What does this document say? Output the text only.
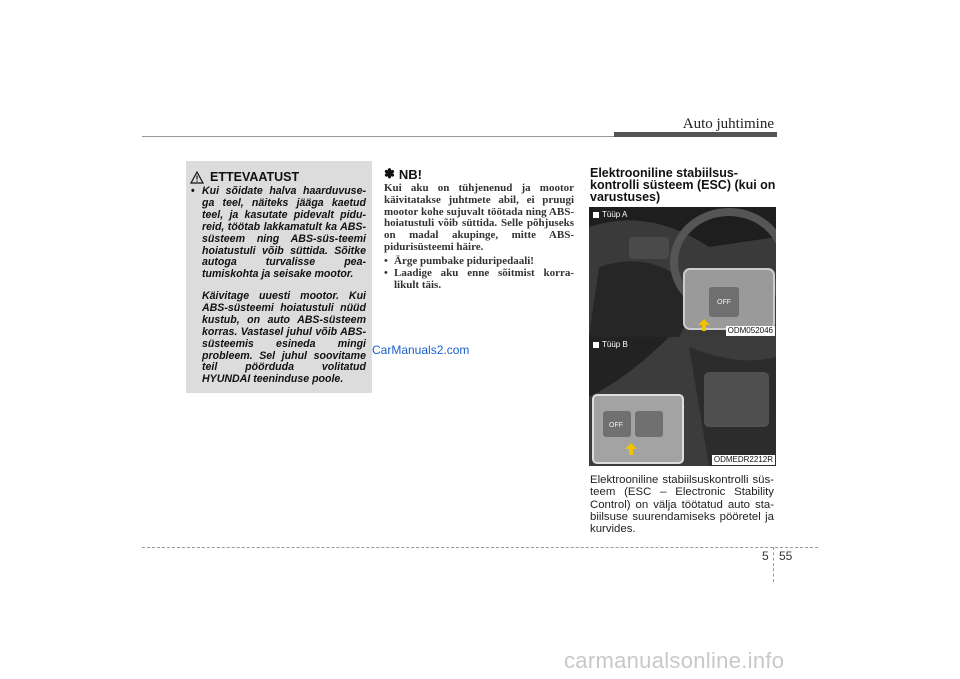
Auto juhtimine
ETTEVAATUST
• Kui sõidate halva haarduvuse-ga teel, näiteks jääga kaetud teel, ja kasutate pidevalt pidu-reid, töötab lakkamatult ka ABS-süsteem ning ABS-süs-teemi hoiatustuli võib süttida. Sõitke autoga turvalisse pea-tumiskohta ja seisake mootor.
Käivitage uuesti mootor. Kui ABS-süsteemi hoiatustuli nüüd kustub, on auto ABS-süsteem korras. Vastasel juhul võib ABS-süsteemis esineda mingi probleem. Sel juhul soovitame teil pöörduda volitatud HYUNDAI teeninduse poole.
✽ NB!
Kui aku on tühjenenud ja mootor käivitatakse juhtmete abil, ei pruugi mootor kohe sujuvalt töötada ning ABS-hoiatustuli võib süttida. Selle põhjuseks on madal akupinge, mitte ABS-pidurisüsteemi häire.
• Ärge pumbake piduripedaali!
• Laadige aku enne sõitmist korra-likult täis.
CarManuals2.com
Elektrooniline stabiilsus-kontrolli süsteem (ESC) (kui on varustuses)
OFF
Tüüp A
ODM052046
OFF
Tüüp B
ODMEDR2212R
Elektrooniline stabiilsuskontrolli süs-teem (ESC – Electronic Stability Control) on välja töötatud auto sta-biilsuse suurendamiseks pööretel ja kurvides.
5 55
carmanualsonline.info
